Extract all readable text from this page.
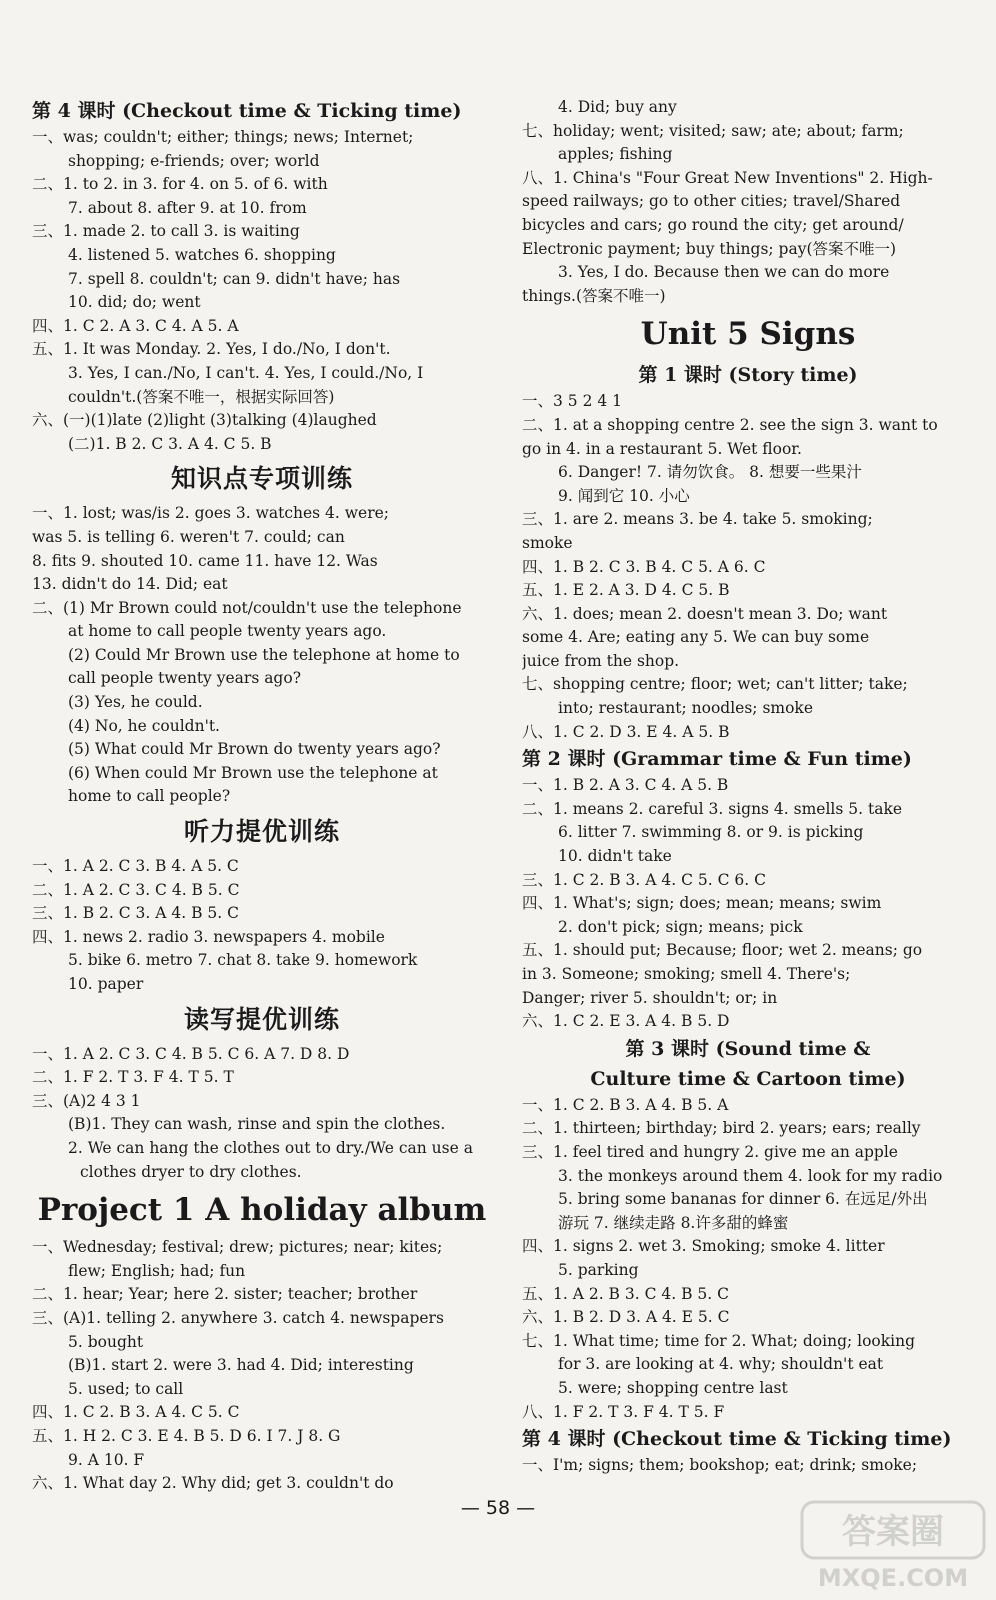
第 4 课时 (Checkout time & Ticking time)
一、was; couldn't; either; things; news; Internet;
shopping; e-friends; over; world
二、1. to 2. in 3. for 4. on 5. of 6. with
7. about 8. after 9. at 10. from
三、1. made 2. to call 3. is waiting
4. listened 5. watches 6. shopping
7. spell 8. couldn't; can 9. didn't have; has
10. did; do; went
四、1. C 2. A 3. C 4. A 5. A
五、1. It was Monday. 2. Yes, I do./No, I don't.
3. Yes, I can./No, I can't. 4. Yes, I could./No, I
couldn't.(答案不唯一，根据实际回答)
六、(一)(1)late (2)light (3)talking (4)laughed
(二)1. B 2. C 3. A 4. C 5. B
知识点专项训练
一、1. lost; was/is 2. goes 3. watches 4. were;
was 5. is telling 6. weren't 7. could; can
8. fits 9. shouted 10. came 11. have 12. Was
13. didn't do 14. Did; eat
二、(1) Mr Brown could not/couldn't use the telephone
at home to call people twenty years ago.
(2) Could Mr Brown use the telephone at home to
call people twenty years ago?
(3) Yes, he could.
(4) No, he couldn't.
(5) What could Mr Brown do twenty years ago?
(6) When could Mr Brown use the telephone at
home to call people?
听力提优训练
一、1. A 2. C 3. B 4. A 5. C
二、1. A 2. C 3. C 4. B 5. C
三、1. B 2. C 3. A 4. B 5. C
四、1. news 2. radio 3. newspapers 4. mobile
5. bike 6. metro 7. chat 8. take 9. homework
10. paper
读写提优训练
一、1. A 2. C 3. C 4. B 5. C 6. A 7. D 8. D
二、1. F 2. T 3. F 4. T 5. T
三、(A)2 4 3 1
(B)1. They can wash, rinse and spin the clothes.
2. We can hang the clothes out to dry./We can use a
clothes dryer to dry clothes.
Project 1 A holiday album
一、Wednesday; festival; drew; pictures; near; kites;
flew; English; had; fun
二、1. hear; Year; here 2. sister; teacher; brother
三、(A)1. telling 2. anywhere 3. catch 4. newspapers
5. bought
(B)1. start 2. were 3. had 4. Did; interesting
5. used; to call
四、1. C 2. B 3. A 4. C 5. C
五、1. H 2. C 3. E 4. B 5. D 6. I 7. J 8. G
9. A 10. F
六、1. What day 2. Why did; get 3. couldn't do
4. Did; buy any
七、holiday; went; visited; saw; ate; about; farm;
apples; fishing
八、1. China's "Four Great New Inventions" 2. High-
speed railways; go to other cities; travel/Shared
bicycles and cars; go round the city; get around/
Electronic payment; buy things; pay(答案不唯一)
3. Yes, I do. Because then we can do more
things.(答案不唯一)
Unit 5 Signs
第 1 课时 (Story time)
一、3 5 2 4 1
二、1. at a shopping centre 2. see the sign 3. want to
go in 4. in a restaurant 5. Wet floor.
6. Danger! 7. 请勿饮食。 8. 想要一些果汁
9. 闻到它 10. 小心
三、1. are 2. means 3. be 4. take 5. smoking;
smoke
四、1. B 2. C 3. B 4. C 5. A 6. C
五、1. E 2. A 3. D 4. C 5. B
六、1. does; mean 2. doesn't mean 3. Do; want
some 4. Are; eating any 5. We can buy some
juice from the shop.
七、shopping centre; floor; wet; can't litter; take;
into; restaurant; noodles; smoke
八、1. C 2. D 3. E 4. A 5. B
第 2 课时 (Grammar time & Fun time)
一、1. B 2. A 3. C 4. A 5. B
二、1. means 2. careful 3. signs 4. smells 5. take
6. litter 7. swimming 8. or 9. is picking
10. didn't take
三、1. C 2. B 3. A 4. C 5. C 6. C
四、1. What's; sign; does; mean; means; swim
2. don't pick; sign; means; pick
五、1. should put; Because; floor; wet 2. means; go
in 3. Someone; smoking; smell 4. There's;
Danger; river 5. shouldn't; or; in
六、1. C 2. E 3. A 4. B 5. D
第 3 课时 (Sound time &
Culture time & Cartoon time)
一、1. C 2. B 3. A 4. B 5. A
二、1. thirteen; birthday; bird 2. years; ears; really
三、1. feel tired and hungry 2. give me an apple
3. the monkeys around them 4. look for my radio
5. bring some bananas for dinner 6. 在远足/外出
游玩 7. 继续走路 8.许多甜的蜂蜜
四、1. signs 2. wet 3. Smoking; smoke 4. litter
5. parking
五、1. A 2. B 3. C 4. B 5. C
六、1. B 2. D 3. A 4. E 5. C
七、1. What time; time for 2. What; doing; looking
for 3. are looking at 4. why; shouldn't eat
5. were; shopping centre last
八、1. F 2. T 3. F 4. T 5. F
第 4 课时 (Checkout time & Ticking time)
一、I'm; signs; them; bookshop; eat; drink; smoke;
— 58 —
答案圈
MXQE.COM
